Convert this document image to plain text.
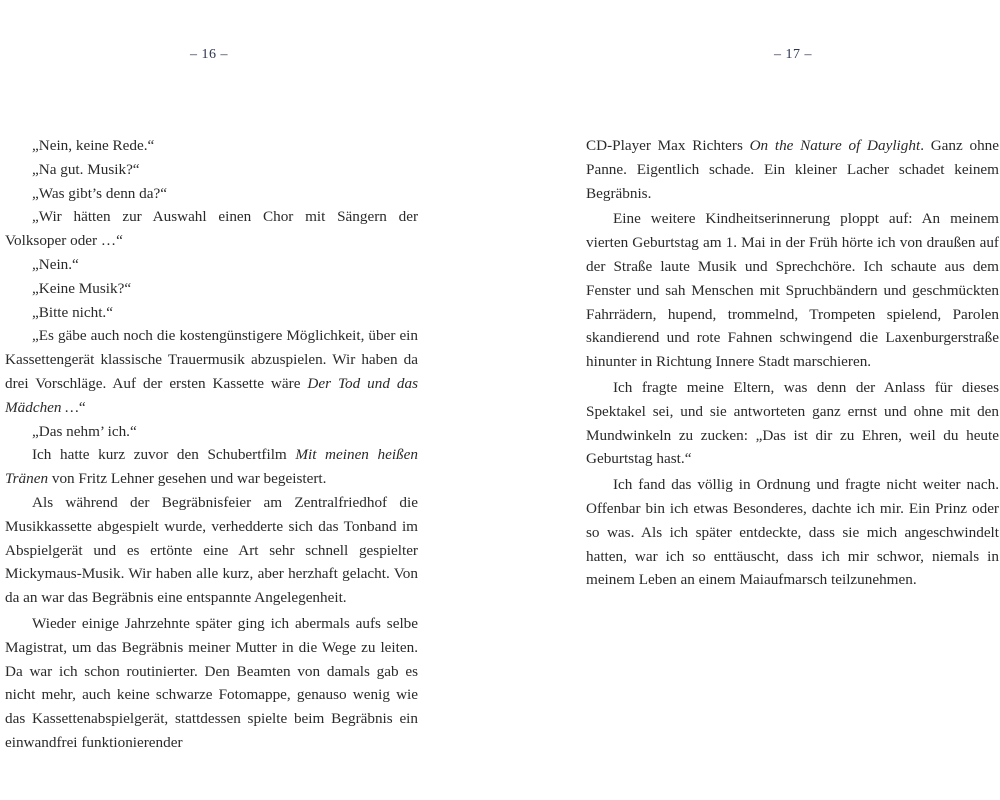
– 16 –	– 17 –

„Nein, keine Rede.“

„Na gut. Musik?“

„Was gibt’s denn da?“

„Wir hätten zur Auswahl einen Chor mit Sängern der Volksoper oder …“

„Nein.“

„Keine Musik?“

„Bitte nicht.“

„Es gäbe auch noch die kostengünstigere Möglichkeit, über ein Kassettengerät klassische Trauermusik abzuspielen. Wir haben da drei Vorschläge. Auf der ersten Kassette wäre Der Tod und das Mädchen …“

„Das nehm’ ich.“

Ich hatte kurz zuvor den Schubertfilm Mit meinen heißen Tränen von Fritz Lehner gesehen und war begeistert.

Als während der Begräbnisfeier am Zentralfriedhof die Musikkassette abgespielt wurde, verhedderte sich das Tonband im Abspielgerät und es ertönte eine Art sehr schnell gespielter Mickymaus-Musik. Wir haben alle kurz, aber herzhaft gelacht. Von da an war das Begräbnis eine entspannte Angelegenheit.

Wieder einige Jahrzehnte später ging ich abermals aufs selbe Magistrat, um das Begräbnis meiner Mutter in die Wege zu leiten. Da war ich schon routinierter. Den Beamten von damals gab es nicht mehr, auch keine schwarze Fotomappe, genauso wenig wie das Kassettenabspielgerät, stattdessen spielte beim Begräbnis ein einwandfrei funktionierender

CD-Player Max Richters On the Nature of Daylight. Ganz ohne Panne. Eigentlich schade. Ein kleiner Lacher schadet keinem Begräbnis.

Eine weitere Kindheitserinnerung ploppt auf: An meinem vierten Geburtstag am 1. Mai in der Früh hörte ich von draußen auf der Straße laute Musik und Sprechchöre. Ich schaute aus dem Fenster und sah Menschen mit Spruchbändern und geschmückten Fahrrädern, hupend, trommelnd, Trompeten spielend, Parolen skandierend und rote Fahnen schwingend die Laxenburgerstraße hinunter in Richtung Innere Stadt marschieren.

Ich fragte meine Eltern, was denn der Anlass für dieses Spektakel sei, und sie antworteten ganz ernst und ohne mit den Mundwinkeln zu zucken: „Das ist dir zu Ehren, weil du heute Geburtstag hast.“

Ich fand das völlig in Ordnung und fragte nicht weiter nach. Offenbar bin ich etwas Besonderes, dachte ich mir. Ein Prinz oder so was. Als ich später entdeckte, dass sie mich angeschwindelt hatten, war ich so enttäuscht, dass ich mir schwor, niemals in meinem Leben an einem Maiaufmarsch teilzunehmen.
